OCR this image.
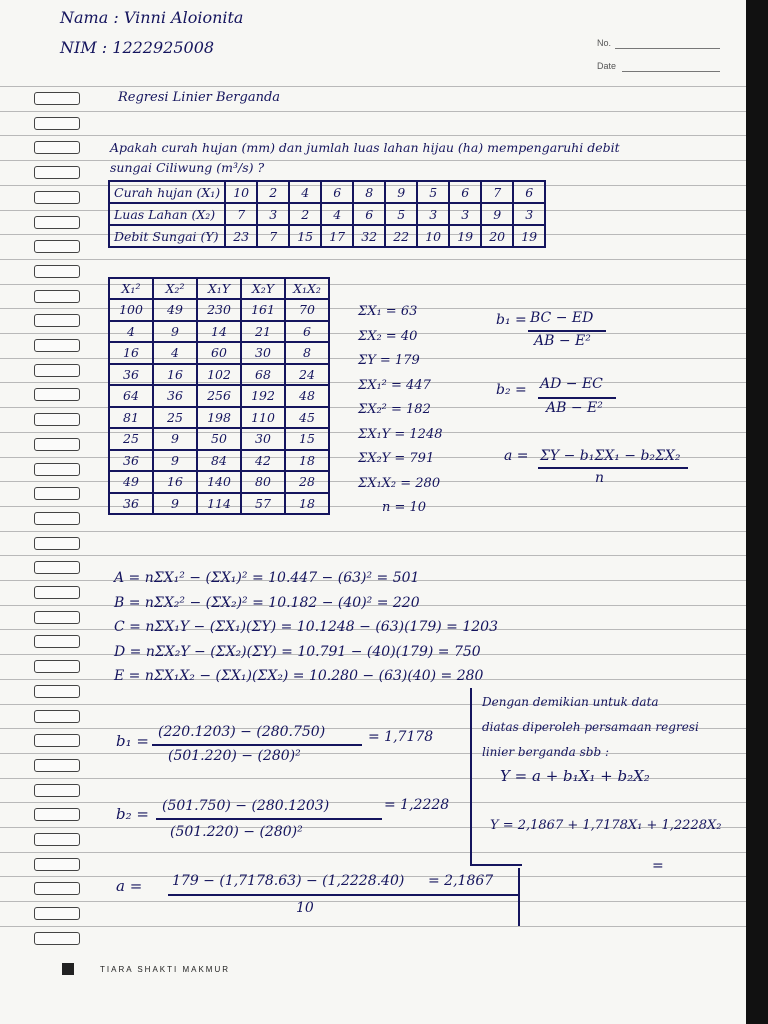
Nama : Vinni Aloionita
NIM : 1222925008	No.
Date
Regresi Linier Berganda
Apakah curah hujan (mm) dan jumlah luas lahan hijau (ha) mempengaruhi debit
sungai Ciliwung (m³/s) ?
Curah hujan (X₁)	10	2	4	6	8	9	5	6	7	6
Luas Lahan (X₂)	7	3	2	4	6	5	3	3	9	3
Debit Sungai (Y)	23	7	15	17	32	22	10	19	20	19
X₁²	X₂²	X₁Y	X₂Y	X₁X₂
100	49	230	161	70
4	9	14	21	6
16	4	60	30	8
36	16	102	68	24
64	36	256	192	48
81	25	198	110	45
25	9	50	30	15
36	9	84	42	18
49	16	140	80	28
36	9	114	57	18
ΣX₁ = 63
ΣX₂ = 40
ΣY = 179
ΣX₁² = 447
ΣX₂² = 182
ΣX₁Y = 1248
ΣX₂Y = 791
ΣX₁X₂ = 280
n = 10
b₁ = BC − ED
AB − E²
b₂ = AD − EC
AB − E²
a = ΣY − b₁ΣX₁ − b₂ΣX₂
n
A = nΣX₁² − (ΣX₁)² = 10.447 − (63)² = 501
B = nΣX₂² − (ΣX₂)² = 10.182 − (40)² = 220
C = nΣX₁Y − (ΣX₁)(ΣY) = 10.1248 − (63)(179) = 1203
D = nΣX₂Y − (ΣX₂)(ΣY) = 10.791 − (40)(179) = 750
E = nΣX₁X₂ − (ΣX₁)(ΣX₂) = 10.280 − (63)(40) = 280
b₁ = (220.1203) − (280.750)
(501.220) − (280)²
= 1,7178
b₂ = (501.750) − (280.1203)
(501.220) − (280)²
= 1,2228
a = 179 − (1,7178.63) − (1,2228.40)
10
= 2,1867
Dengan demikian untuk data
diatas diperoleh persamaan regresi
linier berganda sbb :
Y = a + b₁X₁ + b₂X₂
Y = 2,1867 + 1,7178X₁ + 1,2228X₂
=
TIARA SHAKTI MAKMUR
